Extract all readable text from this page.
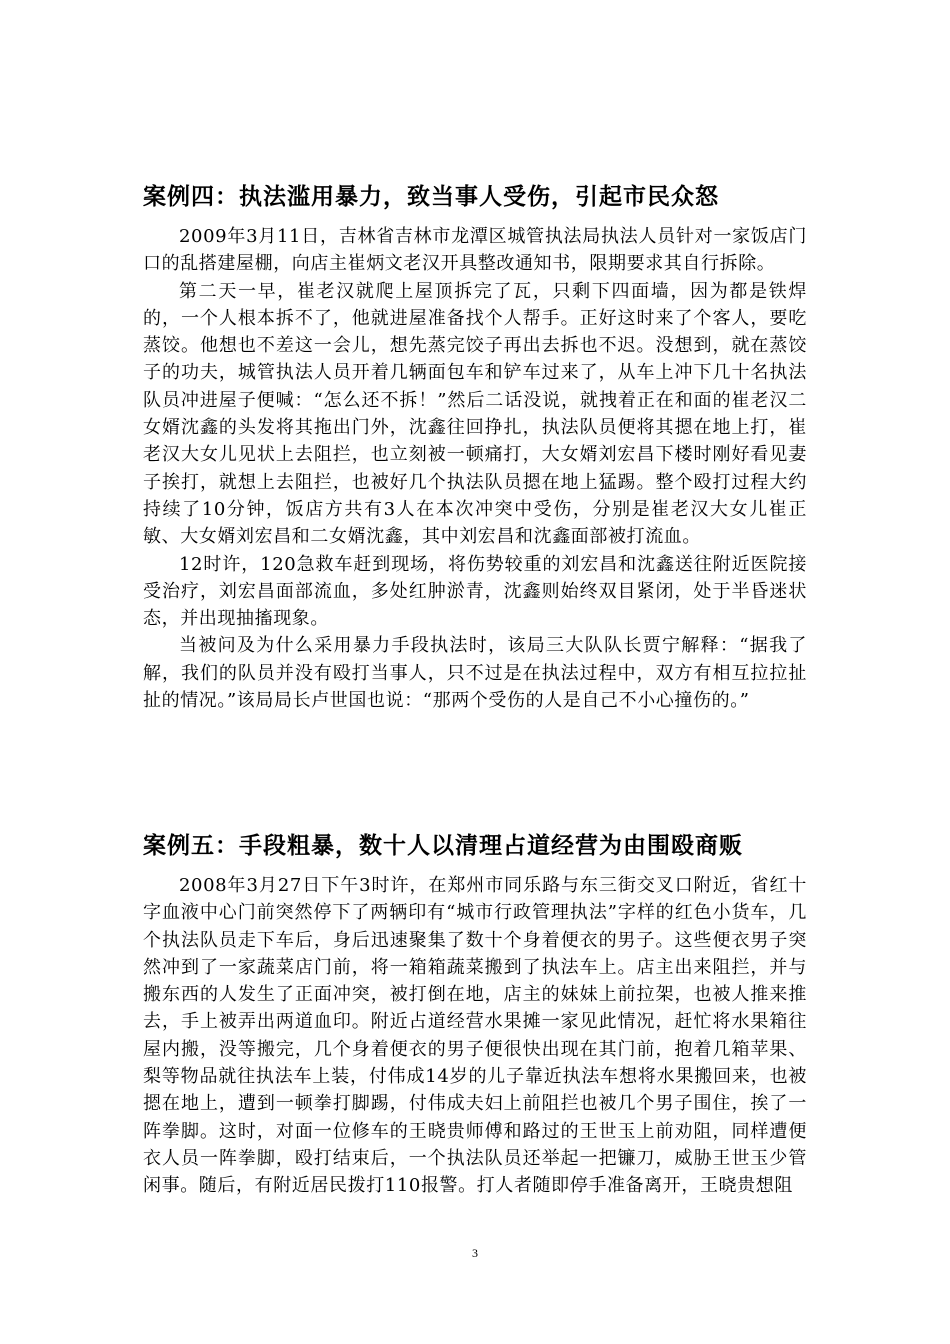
案例四：执法滥用暴力，致当事人受伤，引起市民众怒

2009年3月11日，吉林省吉林市龙潭区城管执法局执法人员针对一家饭店门口的乱搭建屋棚，向店主崔炳文老汉开具整改通知书，限期要求其自行拆除。

第二天一早，崔老汉就爬上屋顶拆完了瓦，只剩下四面墙，因为都是铁焊的，一个人根本拆不了，他就进屋准备找个人帮手。正好这时来了个客人，要吃蒸饺。他想也不差这一会儿，想先蒸完饺子再出去拆也不迟。没想到，就在蒸饺子的功夫，城管执法人员开着几辆面包车和铲车过来了，从车上冲下几十名执法队员冲进屋子便喊：“怎么还不拆！”然后二话没说，就拽着正在和面的崔老汉二女婿沈鑫的头发将其拖出门外，沈鑫往回挣扎，执法队员便将其摁在地上打，崔老汉大女儿见状上去阻拦，也立刻被一顿痛打，大女婿刘宏昌下楼时刚好看见妻子挨打，就想上去阻拦，也被好几个执法队员摁在地上猛踢。整个殴打过程大约持续了10分钟，饭店方共有3人在本次冲突中受伤，分别是崔老汉大女儿崔正敏、大女婿刘宏昌和二女婿沈鑫，其中刘宏昌和沈鑫面部被打流血。

12时许，120急救车赶到现场，将伤势较重的刘宏昌和沈鑫送往附近医院接受治疗，刘宏昌面部流血，多处红肿淤青，沈鑫则始终双目紧闭，处于半昏迷状态，并出现抽搐现象。

当被问及为什么采用暴力手段执法时，该局三大队队长贾宁解释：“据我了解，我们的队员并没有殴打当事人，只不过是在执法过程中，双方有相互拉拉扯扯的情况。”该局局长卢世国也说：“那两个受伤的人是自己不小心撞伤的。”

案例五：手段粗暴，数十人以清理占道经营为由围殴商贩

2008年3月27日下午3时许，在郑州市同乐路与东三街交叉口附近，省红十字血液中心门前突然停下了两辆印有“城市行政管理执法”字样的红色小货车，几个执法队员走下车后，身后迅速聚集了数十个身着便衣的男子。这些便衣男子突然冲到了一家蔬菜店门前，将一箱箱蔬菜搬到了执法车上。店主出来阻拦，并与搬东西的人发生了正面冲突，被打倒在地，店主的妹妹上前拉架，也被人推来推去，手上被弄出两道血印。附近占道经营水果摊一家见此情况，赶忙将水果箱往屋内搬，没等搬完，几个身着便衣的男子便很快出现在其门前，抱着几箱苹果、梨等物品就往执法车上装，付伟成14岁的儿子靠近执法车想将水果搬回来，也被摁在地上，遭到一顿拳打脚踢，付伟成夫妇上前阻拦也被几个男子围住，挨了一阵拳脚。这时，对面一位修车的王晓贵师傅和路过的王世玉上前劝阻，同样遭便衣人员一阵拳脚，殴打结束后，一个执法队员还举起一把镰刀，威胁王世玉少管闲事。随后，有附近居民拨打110报警。打人者随即停手准备离开，王晓贵想阻

3
